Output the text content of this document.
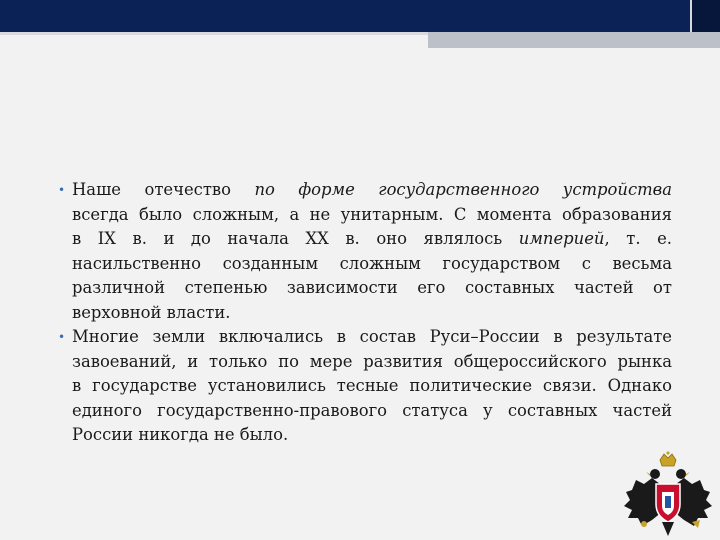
• Наше отечество по форме государственного устройства
всегда было сложным, а не унитарным. С момента образования
в IX в. и до начала XX в. оно являлось империей, т. е.
насильственно созданным сложным государством с весьма
различной степенью зависимости его составных частей от
верховной власти.
• Многие земли включались в состав Руси–России в результате
завоеваний, и только по мере развития общероссийского рынка
в государстве установились тесные политические связи. Однако
единого государственно-правового статуса у составных частей
России никогда не было.
